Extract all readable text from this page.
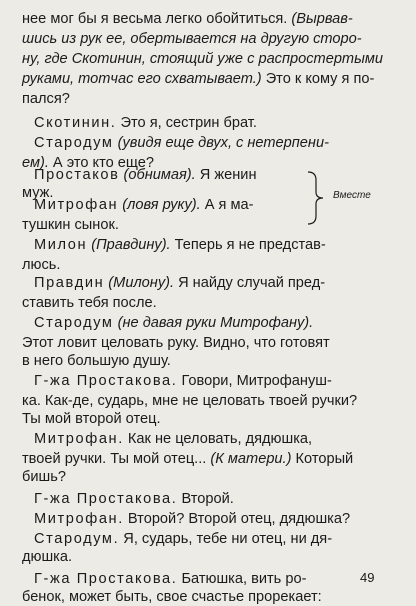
нее мог бы я весьма легко обойтиться. (Вырвав-
шись из рук ее, обертывается на другую сторо-
ну, где Скотинин, стоящий уже с распростертыми
руками, тотчас его схватывает.) Это к кому я по-
пался?
Скотинин. Это я, сестрин брат.
Стародум (увидя еще двух, с нетерпени-
ем). А это кто еще?
Простаков (обнимая). Я женин
муж.
Митрофан (ловя руку). А я ма-
тушкин сынок.
Милон (Правдину). Теперь я не представ-
люсь.
Правдин (Милону). Я найду случай пред-
ставить тебя после.
Стародум (не давая руки Митрофану).
Этот ловит целовать руку. Видно, что готовят
в него большую душу.
Г-жа Простакова. Говори, Митрофануш-
ка. Как-де, сударь, мне не целовать твоей ручки?
Ты мой второй отец.
Митрофан. Как не целовать, дядюшка,
твоей ручки. Ты мой отец... (К матери.) Который
бишь?
Г-жа Простакова. Второй.
Митрофан. Второй? Второй отец, дядюшка?
Стародум. Я, сударь, тебе ни отец, ни дя-
дюшка.
Г-жа Простакова. Батюшка, вить ро-
бенок, может быть, свое счастье прорекает:
Вместе
49
